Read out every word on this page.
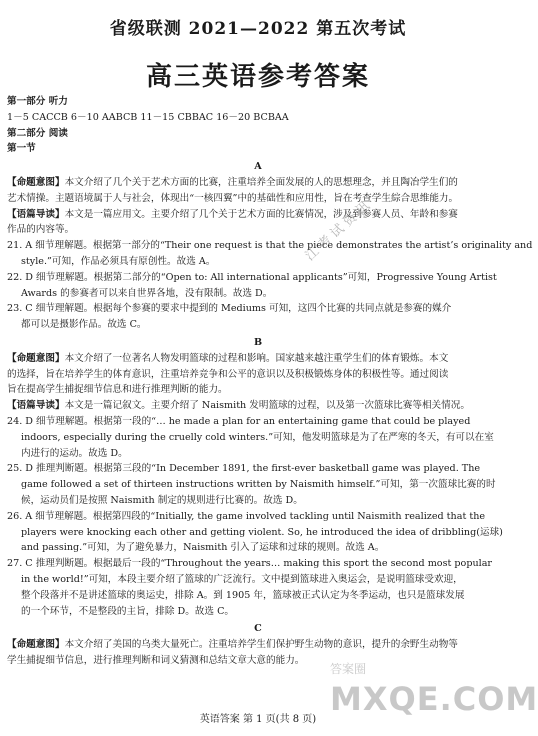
省级联测 2021—2022 第五次考试
高三英语参考答案
第一部分 听力
1－5 CACCB 6－10 AABCB 11－15 CBBAC 16－20 BCBAA
第二部分 阅读
第一节
A
【命题意图】本文介绍了几个关于艺术方面的比赛，注重培养全面发展的人的思想理念，并且陶冶学生们的
艺术情操。主题语境属于人与社会，体现出“一核四翼”中的基础性和应用性，旨在考查学生綜合思维能力。
【语篇导读】本文是一篇应用文。主要介绍了几个关于艺术方面的比赛情况，涉及到参赛人员、年龄和参赛
作品的内容等。
21. A 细节理解题。根据第一部分的“Their one request is that the piece demonstrates the artist’s originality and
style.”可知，作品必须具有原创性。故选 A。
22. D 细节理解题。根据第二部分的“Open to: All international applicants”可知，Progressive Young Artist
Awards 的参赛者可以来自世界各地，没有限制。故选 D。
23. C 细节理解题。根据每个参赛的要求中提到的 Mediums 可知，这四个比赛的共同点就是参赛的媒介
都可以是摄影作品。故选 C。
B
【命题意图】本文介绍了一位著名人物发明篮球的过程和影响。国家越来越注重学生们的体育锻炼。本文
的选择，旨在培养学生的体育意识，注重培养竞争和公平的意识以及积极锻炼身体的积极性等。通过阅读
旨在提高学生捕捉细节信息和进行推理判断的能力。
【语篇导读】本文是一篇记叙文。主要介绍了 Naismith 发明篮球的过程，以及第一次篮球比赛等相关情况。
24. D 细节理解题。根据第一段的“… he made a plan for an entertaining game that could be played
indoors, especially during the cruelly cold winters.”可知，他发明篮球是为了在严寒的冬天，有可以在室
内进行的运动。故选 D。
25. D 推理判断题。根据第三段的“In December 1891, the first-ever basketball game was played. The
game followed a set of thirteen instructions written by Naismith himself.”可知，第一次篮球比赛的时
候，运动员们是按照 Naismith 制定的规则进行比赛的。故选 D。
26. A 细节理解题。根据第四段的“Initially, the game involved tackling until Naismith realized that the
players were knocking each other and getting violent. So, he introduced the idea of dribbling(运球)
and passing.”可知，为了避免暴力，Naismith 引入了运球和过球的规则。故选 A。
27. C 推理判断题。根据最后一段的“Throughout the years… making this sport the second most popular
in the world!”可知，本段主要介绍了篮球的广泛流行。文中提到篮球进入奥运会，是说明篮球受欢迎，
整个段落并不是讲述篮球的奥运史，排除 A。到 1905 年，篮球被正式认定为冬季运动，也只是篮球发展
的一个环节，不是整段的主旨，排除 D。故选 C。
C
【命题意图】本文介绍了美国的乌类大量死亡。注重培养学生们保护野生动物的意识，提升的余野生动物等
学生捕捉细节信息，进行推理判断和词义猜测和总结文章大意的能力。
英语答案 第 1 页(共 8 页)
江考试资讯
答案圈
MXQE.COM
